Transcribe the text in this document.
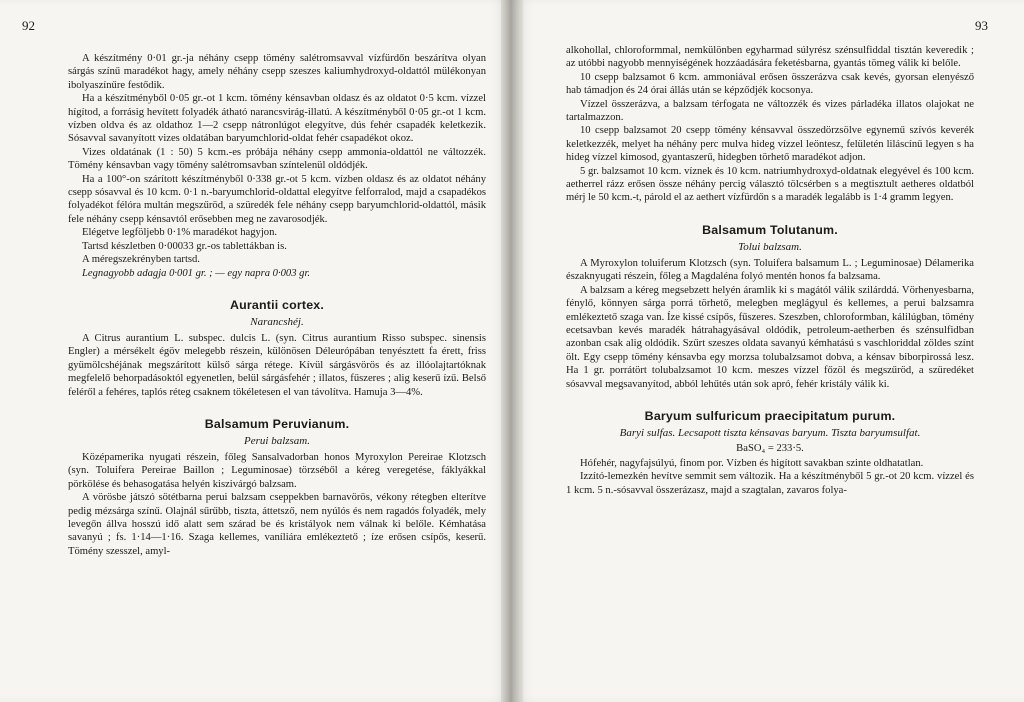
92

A készítmény 0·01 gr.-ja néhány csepp tömény salétromsavval vízfürdőn beszárítva olyan sárgás színű maradékot hagy, amely néhány csepp szeszes kaliumhydroxyd-oldattól mülékonyan ibolyaszínűre festődik.

Ha a készítményből 0·05 gr.-ot 1 kcm. tömény kénsavban oldasz és az oldatot 0·5 kcm. vízzel hígítod, a forrásig hevített folyadék átható narancsvirág-illatú. A készítményből 0·05 gr.-ot 1 kcm. vízben oldva és az oldathoz 1—2 csepp nátronlúgot elegyítve, dús fehér csapadék keletkezik. Sósavval savanyított vizes oldatában baryumchlorid-oldat fehér csapadékot okoz.

Vizes oldatának (1 : 50) 5 kcm.-es próbája néhány csepp ammonia-oldattól ne változzék. Tömény kénsavban vagy tömény salétromsavban színtelenül oldódjék.

Ha a 100°-on szárított készítményből 0·338 gr.-ot 5 kcm. vízben oldasz és az oldatot néhány csepp sósavval és 10 kcm. 0·1 n.-baryumchlorid-oldattal elegyítve felforralod, majd a csapadékos folyadékot félóra multán megszűröd, a szüredék fele néhány csepp baryumchlorid-oldattól, másik fele néhány csepp kénsavtól erősebben meg ne zavarosodjék.

Elégetve legföljebb 0·1% maradékot hagyjon.

Tartsd készletben 0·00033 gr.-os tablettákban is.

A méregszekrényben tartsd.

Legnagyobb adagja 0·001 gr. ; — egy napra 0·003 gr.

Aurantii cortex.
Narancshéj.

A Citrus aurantium L. subspec. dulcis L. (syn. Citrus aurantium Risso subspec. sinensis Engler) a mérsékelt égöv melegebb részein, különösen Déleurópában tenyésztett fa érett, friss gyümölcshéjának megszárított külső sárga rétege. Kívül sárgásvörös és az illóolajtartóknak megfelelő behorpadásoktól egyenetlen, belül sárgásfehér ; illatos, fűszeres ; alig keserű ízű. Belső feléről a fehéres, taplós réteg csaknem tökéletesen el van távolítva. Hamuja 3—4%.

Balsamum Peruvianum.
Perui balzsam.

Középamerika nyugati részein, főleg Sansalvadorban honos Myroxylon Pereirae Klotzsch (syn. Toluifera Pereirae Baillon ; Leguminosae) törzséből a kéreg veregetése, fáklyákkal pörkölése és behasogatása helyén kiszivárgó balzsam.

A vörösbe játszó sötétbarna perui balzsam cseppekben barnavörös, vékony rétegben elterítve pedig mézsárga színű. Olajnál sűrűbb, tiszta, áttetsző, nem nyúlós és nem ragadós folyadék, mely levegőn állva hosszú idő alatt sem szárad be és kristályok nem válnak ki belőle. Kémhatása savanyú ; fs. 1·14—1·16. Szaga kellemes, vaníliára emlékeztető ; íze erősen csípős, keserű. Tömény szesszel, amyl-

93

alkohollal, chloroformmal, nemkülönben egyharmad súlyrész szénsulfiddal tisztán keveredik ; az utóbbi nagyobb mennyiségének hozzáadására feketésbarna, gyantás tömeg válik ki belőle.

10 csepp balzsamot 6 kcm. ammoniával erősen összerázva csak kevés, gyorsan elenyésző hab támadjon és 24 órai állás után se képződjék kocsonya.

Vízzel összerázva, a balzsam térfogata ne változzék és vizes párladéka illatos olajokat ne tartalmazzon.

10 csepp balzsamot 20 csepp tömény kénsavval összedörzsölve egynemű szívós keverék keletkezzék, melyet ha néhány perc mulva hideg vízzel leöntesz, felületén liláscínű legyen s ha hideg vízzel kimosod, gyantaszerű, hidegben törhető maradékot adjon.

5 gr. balzsamot 10 kcm. víznek és 10 kcm. natriumhydroxyd-oldatnak elegyével és 100 kcm. aetherrel rázz erősen össze néhány percig választó tölcsérben s a megtisztult aetheres oldatból mérj le 50 kcm.-t, párold el az aethert vízfürdőn s a maradék legalább is 1·4 gramm legyen.

Balsamum Tolutanum.
Tolui balzsam.

A Myroxylon toluiferum Klotzsch (syn. Toluifera balsamum L. ; Leguminosae) Délamerika északnyugati részein, főleg a Magdaléna folyó mentén honos fa balzsama.

A balzsam a kéreg megsebzett helyén áramlik ki s magától válik szilárddá. Vörhenyesbarna, fénylő, könnyen sárga porrá törhető, melegben meglágyul és kellemes, a perui balzsamra emlékeztető szaga van. Íze kissé csípős, fűszeres. Szeszben, chloroformban, kálilúgban, tömény ecetsavban kevés maradék hátrahagyásával oldódik, petroleum-aetherben és szénsulfidban azonban csak alig oldódik. Szűrt szeszes oldata savanyú kémhatású s vaschloriddal zöldes színt ölt. Egy csepp tömény kénsavba egy morzsa tolubalzsamot dobva, a kénsav biborpirossá lesz. Ha 1 gr. porrátört tolubalzsamot 10 kcm. meszes vízzel főzöl és megszűröd, a szüredéket sósavval megsavanyítod, abból lehűtés után sok apró, fehér kristály válik ki.

Baryum sulfuricum praecipitatum purum.
Baryi sulfas. Lecsapott tiszta kénsavas baryum. Tiszta baryumsulfat.
BaSO₄ = 233·5.

Hófehér, nagyfajsúlyú, finom por. Vízben és higított savakban szinte oldhatatlan.

Izzító-lemezkén hevítve semmit sem változik. Ha a készítményből 5 gr.-ot 20 kcm. vízzel és 1 kcm. 5 n.-sósavval összerázasz, majd a szagtalan, zavaros folya-
